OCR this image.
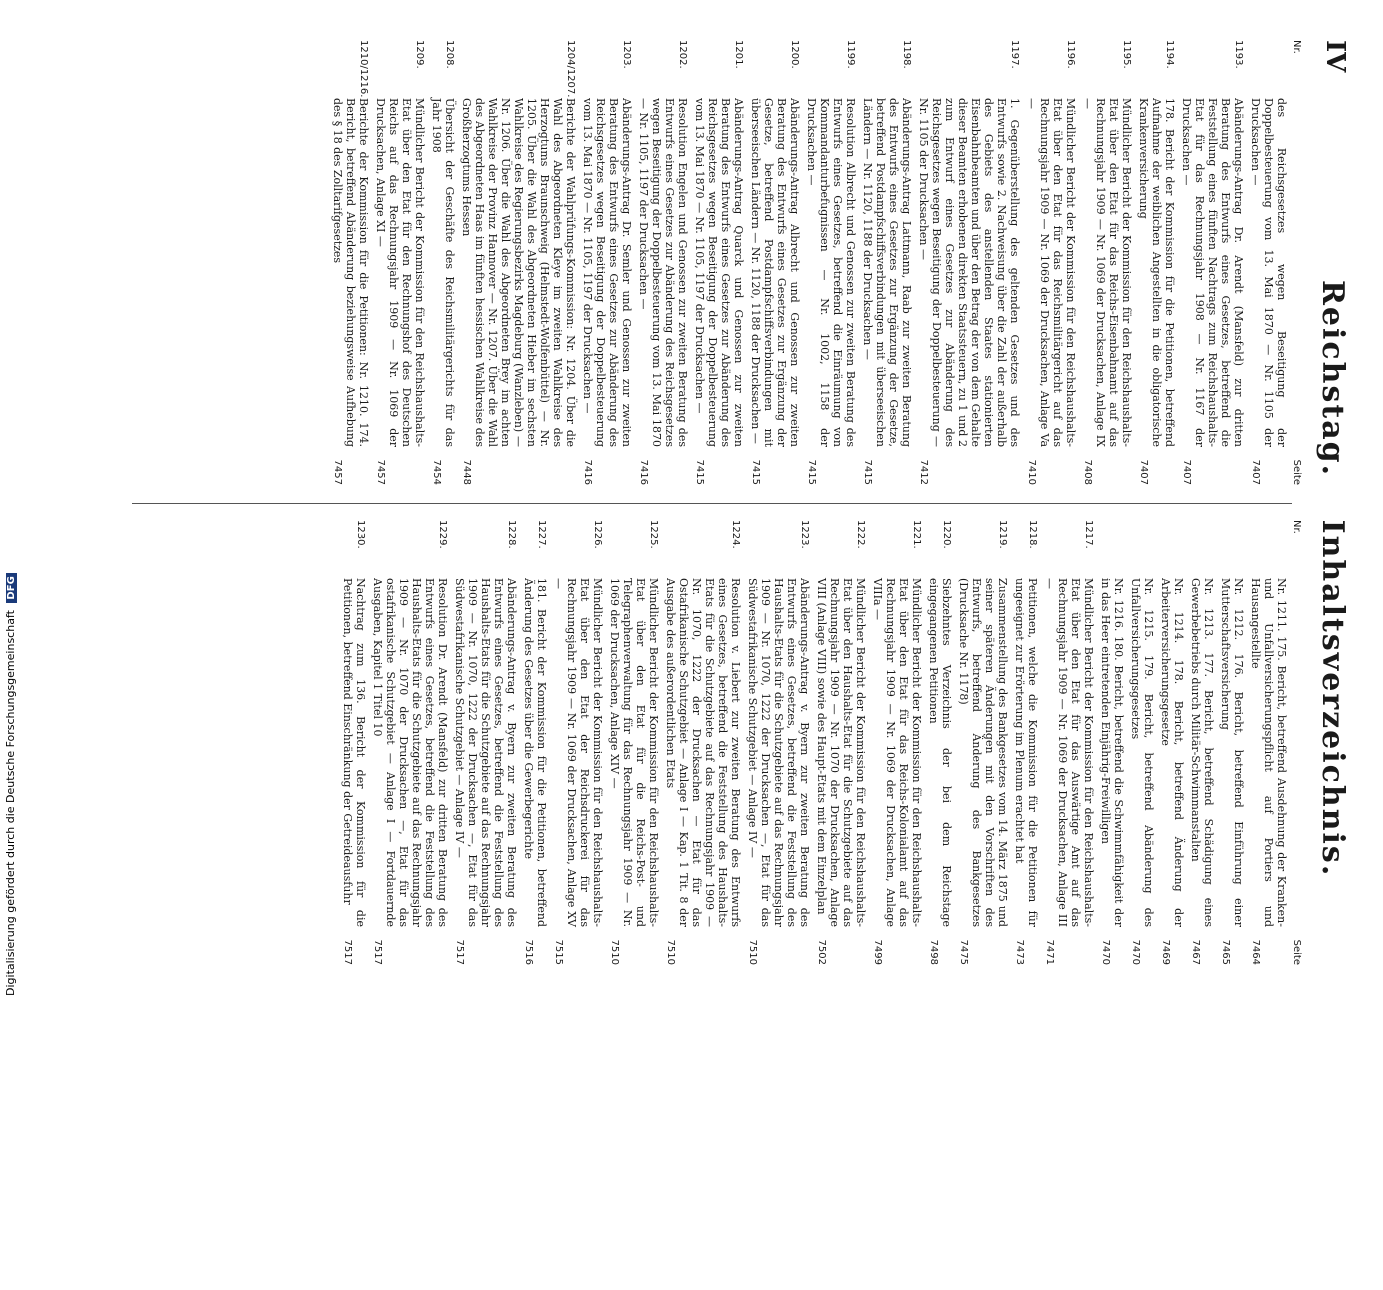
IV
Reichstag. Inhaltsverzeichnis.
Nr.
Seite
des Reichsgesetzes wegen Beseitigung der Doppelbesteuerung vom 13. Mai 1870 — Nr. 1105 der Drucksachen —
7407
1193.
Abänderungs-Antrag Dr. Arendt (Mansfeld) zur dritten Beratung des Entwurfs eines Gesetzes, betreffend die Feststellung eines fünften Nachtrags zum Reichshaushalts-Etat für das Rechnungsjahr 1908 — Nr. 1167 der Drucksachen —
7407
1194.
178. Bericht der Kommission für die Petitionen, betreffend Aufnahme der weiblichen Angestellten in die obligatorische Krankenversicherung
7407
1195.
Mündlicher Bericht der Kommission für den Reichshaushalts-Etat über den Etat für das Reichs-Eisenbahnamt auf das Rechnungsjahr 1909 — Nr. 1069 der Drucksachen, Anlage IX —
7408
1196.
Mündlicher Bericht der Kommission für den Reichshaushalts-Etat über den Etat für das Reichsmilitärgericht auf das Rechnungsjahr 1909 — Nr. 1069 der Drucksachen, Anlage Va —
7410
1197.
1. Gegenüberstellung des geltenden Gesetzes und des Entwurfs sowie 2. Nachweisung über die Zahl der außerhalb des Gebiets des anstellenden Staates stationierten Eisenbahnbeamten und über den Betrag der von dem Gehalte dieser Beamten erhobenen direkten Staatssteuern, zu 1 und 2 zum Entwurf eines Gesetzes zur Abänderung des Reichsgesetzes wegen Beseitigung der Doppelbesteuerung — Nr. 1105 der Drucksachen —
7412
1198.
Abänderungs-Antrag Lattmann, Raab zur zweiten Beratung des Entwurfs eines Gesetzes zur Ergänzung der Gesetze, betreffend Postdampfschiffsverbindungen mit überseeischen Ländern — Nr. 1120, 1188 der Drucksachen —
7415
1199.
Resolution Albrecht und Genossen zur zweiten Beratung des Entwurfs eines Gesetzes, betreffend die Einräumung von Kommandanturbefugnissen — Nr. 1002, 1158 der Drucksachen —
7415
1200.
Abänderungs-Antrag Albrecht und Genossen zur zweiten Beratung des Entwurfs eines Gesetzes zur Ergänzung der Gesetze, betreffend Postdampfschiffsverbindungen mit überseeischen Ländern — Nr. 1120, 1188 der Drucksachen —
7415
1201.
Abänderungs-Antrag Quarck und Genossen zur zweiten Beratung des Entwurfs eines Gesetzes zur Abänderung des Reichsgesetzes wegen Beseitigung der Doppelbesteuerung vom 13. Mai 1870 — Nr. 1105, 1197 der Drucksachen —
7415
1202.
Resolution Engelen und Genossen zur zweiten Beratung des Entwurfs eines Gesetzes zur Abänderung des Reichsgesetzes wegen Beseitigung der Doppelbesteuerung vom 13. Mai 1870 — Nr. 1105, 1197 der Drucksachen —
7416
1203.
Abänderungs-Antrag Dr. Semler und Genossen zur zweiten Beratung des Entwurfs eines Gesetzes zur Abänderung des Reichsgesetzes wegen Beseitigung der Doppelbesteuerung vom 13. Mai 1870 — Nr. 1105, 1197 der Drucksachen —
7416
1204/1207.
Berichte der Wahlprüfungs-Kommission: Nr. 1204. Über die Wahl des Abgeordneten Kleye im zweiten Wahlkreise des Herzogtums Braunschweig (Helmstedt-Wolfenbüttel) — Nr. 1205. Über die Wahl des Abgeordneten Hieber im sechsten Wahlkreise des Regierungsbezirks Magdeburg (Wanzleben) — Nr. 1206. Über die Wahl des Abgeordneten Brey im achten Wahlkreise der Provinz Hannover — Nr. 1207. Über die Wahl des Abgeordneten Haas im fünften hessischen Wahlkreise des Großherzogtums Hessen
7448
1208.
Übersicht der Geschäfte des Reichsmilitärgerichts für das Jahr 1908
7454
1209.
Mündlicher Bericht der Kommission für den Reichshaushalts-Etat über den Etat für den Rechnungshof des Deutschen Reichs auf das Rechnungsjahr 1909 — Nr. 1069 der Drucksachen, Anlage XI —
7457
1210/1216.
Berichte der Kommission für die Petitionen: Nr. 1210. 174. Bericht, betreffend Abänderung beziehungsweise Aufhebung des § 18 des Zolltarifgesetzes
7457
Nr.
Seite
Nr. 1211. 175. Bericht, betreffend Ausdehnung der Kranken- und Unfallversicherungspflicht auf Portiers und Hausangestellte
7464
Nr. 1212. 176. Bericht, betreffend Einführung einer Mutterschaftsversicherung
7465
Nr. 1213. 177. Bericht, betreffend Schädigung eines Gewerbebetriebs durch Militär-Schwimmanstalten
7467
Nr. 1214. 178. Bericht, betreffend Änderung der Arbeiterversicherungsgesetze
7469
Nr. 1215. 179. Bericht, betreffend Abänderung des Unfallversicherungsgesetzes
7470
Nr. 1216. 180. Bericht, betreffend die Schwimmfähigkeit der in das Heer eintretenden Einjährig-Freiwilligen
7470
1217.
Mündlicher Bericht der Kommission für den Reichshaushalts-Etat über den Etat für das Auswärtige Amt auf das Rechnungsjahr 1909 — Nr. 1069 der Drucksachen, Anlage III —
7471
1218.
Petitionen, welche die Kommission für die Petitionen für ungeeignet zur Erörterung im Plenum erachtet hat
7473
1219.
Zusammenstellung des Bankgesetzes vom 14. März 1875 und seiner späteren Änderungen mit den Vorschriften des Entwurfs, betreffend Änderung des Bankgesetzes (Drucksache Nr. 1178)
7475
1220.
Siebzehntes Verzeichnis der bei dem Reichstage eingegangenen Petitionen
7498
1221.
Mündlicher Bericht der Kommission für den Reichshaushalts-Etat über den Etat für das Reichs-Kolonialamt auf das Rechnungsjahr 1909 — Nr. 1069 der Drucksachen, Anlage VIIIa —
7499
1222.
Mündlicher Bericht der Kommission für den Reichshaushalts-Etat über den Haushalts-Etat für die Schutzgebiete auf das Rechnungsjahr 1909 — Nr. 1070 der Drucksachen, Anlage VIII (Anlage VIII) sowie des Haupt-Etats mit dem Einzelplan
7502
1223.
Abänderungs-Antrag v. Byern zur zweiten Beratung des Entwurfs eines Gesetzes, betreffend die Feststellung des Haushalts-Etats für die Schutzgebiete auf das Rechnungsjahr 1909 — Nr. 1070, 1222 der Drucksachen —, Etat für das Südwestafrikanische Schutzgebiet — Anlage IV —
7510
1224.
Resolution v. Liebert zur zweiten Beratung des Entwurfs eines Gesetzes, betreffend die Feststellung des Haushalts-Etats für die Schutzgebiete auf das Rechnungsjahr 1909 — Nr. 1070, 1222 der Drucksachen — Etat für das Ostafrikanische Schutzgebiet — Anlage I — Kap. 1 Tit. 8 der Ausgabe des außerordentlichen Etats
7510
1225.
Mündlicher Bericht der Kommission für den Reichshaushalts-Etat über den Etat für die Reichs-Post- und Telegraphenverwaltung für das Rechnungsjahr 1909 — Nr. 1069 der Drucksachen, Anlage XIV —
7510
1226.
Mündlicher Bericht der Kommission für den Reichshaushalts-Etat über den Etat der Reichsdruckerei für das Rechnungsjahr 1909 — Nr. 1069 der Drucksachen, Anlage XV —
7515
1227.
181. Bericht der Kommission für die Petitionen, betreffend Änderung des Gesetzes über die Gewerbegerichte
7516
1228.
Abänderungs-Antrag v. Byern zur zweiten Beratung des Entwurfs eines Gesetzes, betreffend die Feststellung des Haushalts-Etats für die Schutzgebiete auf das Rechnungsjahr 1909 — Nr. 1070, 1222 der Drucksachen —, Etat für das Südwestafrikanische Schutzgebiet — Anlage IV —
7517
1229.
Resolution Dr. Arendt (Mansfeld) zur dritten Beratung des Entwurfs eines Gesetzes, betreffend die Feststellung des Haushalts-Etats für die Schutzgebiete auf das Rechnungsjahr 1909 — Nr. 1070 der Drucksachen —, Etat für das ostafrikanische Schutzgebiet — Anlage I — Fortdauernde Ausgaben, Kapitel 1 Titel 10
7517
1230.
Nachtrag zum 136. Bericht der Kommission für die Petitionen, betreffend Einschränkung der Getreideausfuhr
7517
Digitalisierung gefördert durch die Deutsche Forschungsgemeinschaft DFG
